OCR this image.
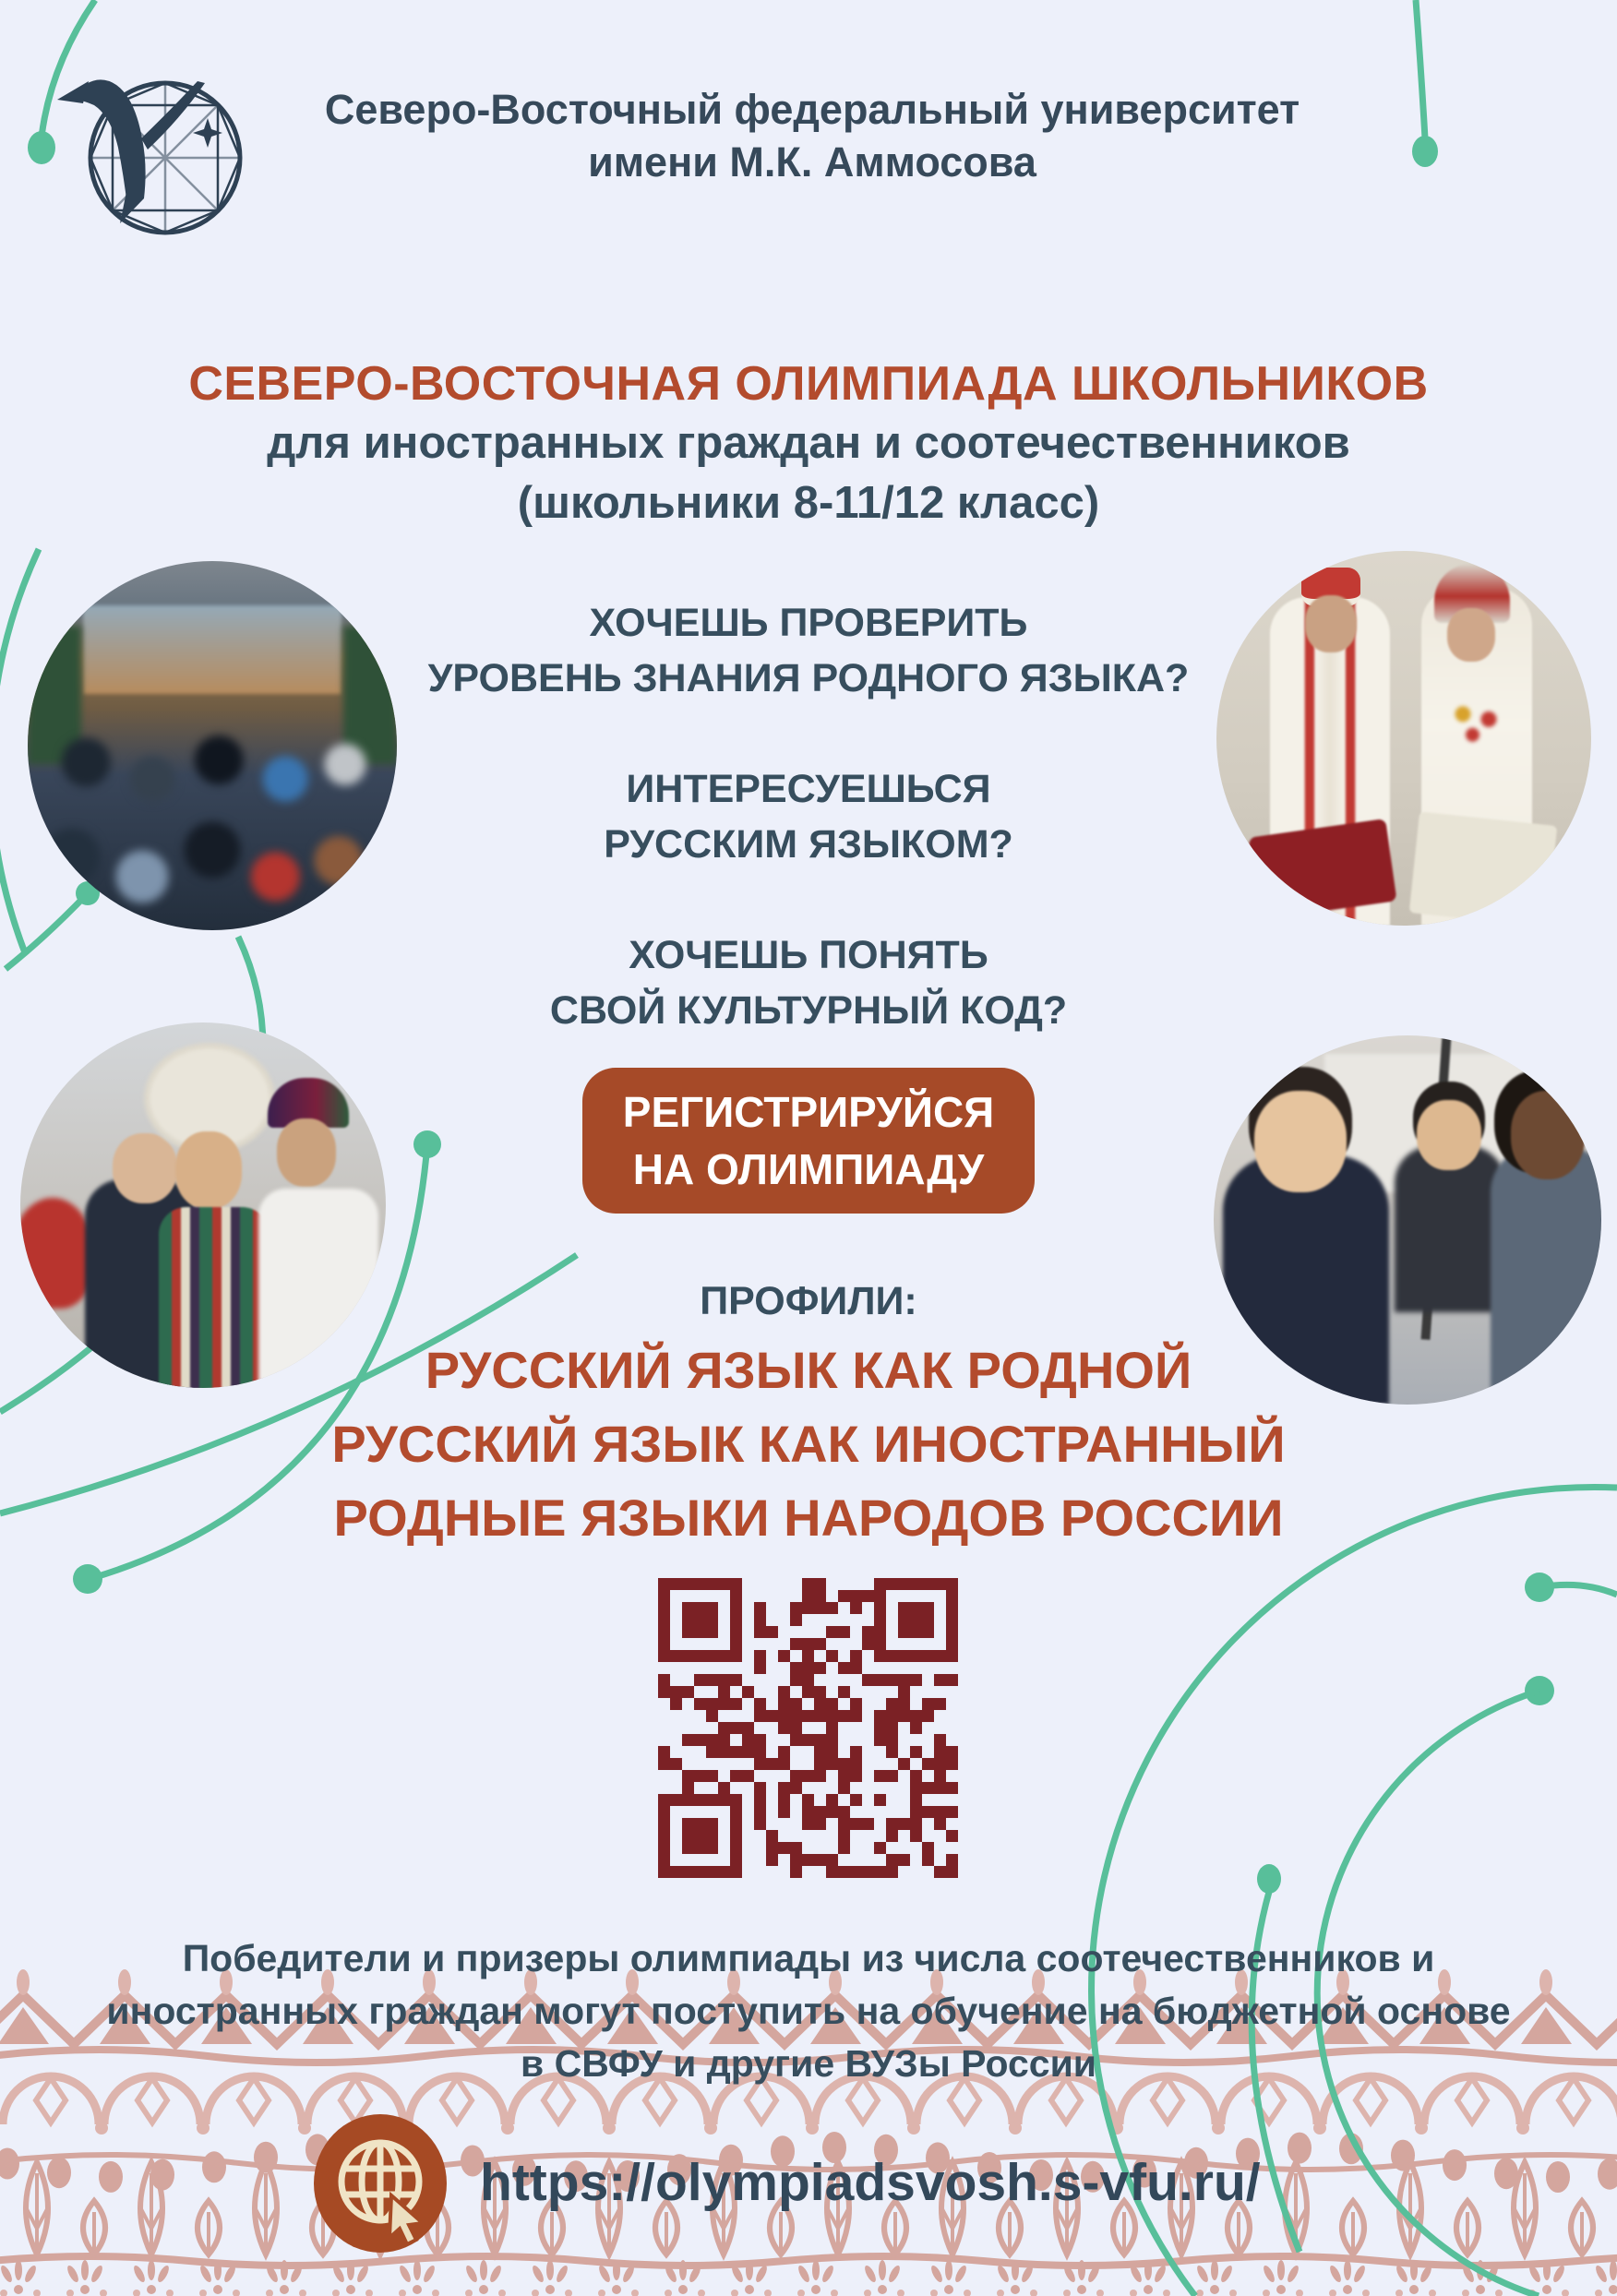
Северо-Восточный федеральный университет
имени М.К. Аммосова
СЕВЕРО-ВОСТОЧНАЯ ОЛИМПИАДА ШКОЛЬНИКОВ
для иностранных граждан и соотечественников
(школьники 8-11/12 класс)
ХОЧЕШЬ ПРОВЕРИТЬ
УРОВЕНЬ ЗНАНИЯ РОДНОГО ЯЗЫКА?
ИНТЕРЕСУЕШЬСЯ
РУССКИМ ЯЗЫКОМ?
ХОЧЕШЬ ПОНЯТЬ
СВОЙ КУЛЬТУРНЫЙ КОД?
РЕГИСТРИРУЙСЯ
НА ОЛИМПИАДУ
ПРОФИЛИ:
РУССКИЙ ЯЗЫК КАК РОДНОЙ
РУССКИЙ ЯЗЫК КАК ИНОСТРАННЫЙ
РОДНЫЕ ЯЗЫКИ НАРОДОВ РОССИИ
Победители и призеры олимпиады из числа соотечественников и
иностранных граждан могут поступить на обучение на бюджетной основе
в СВФУ и другие ВУЗы России
https://olympiadsvosh.s-vfu.ru/
